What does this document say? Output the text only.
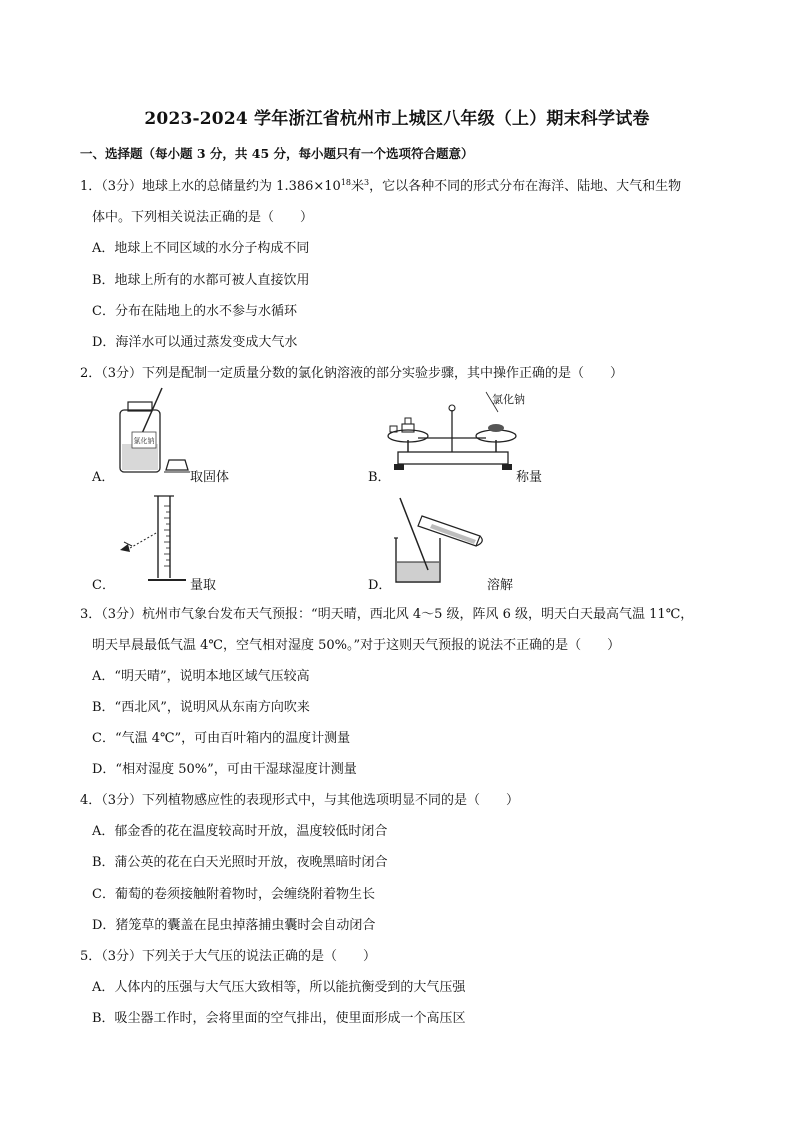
2023-2024 学年浙江省杭州市上城区八年级（上）期末科学试卷
一、选择题（每小题 3 分，共 45 分，每小题只有一个选项符合题意）
1．（3分）地球上水的总储量约为 $1.386\times 10^{18}$米$^3$，它以各种不同的形式分布在海洋、陆地、大气和生物
体中。下列相关说法正确的是（　　）
A．地球上不同区域的水分子构成不同
B．地球上所有的水都可被人直接饮用
C．分布在陆地上的水不参与水循环
D．海洋水可以通过蒸发变成大气水
2．（3分）下列是配制一定质量分数的氯化钠溶液的部分实验步骤，其中操作正确的是（　　）
A．
氯化钠
取固体	B．
氯化钠
称量
C．	量取	D．	溶解
3．（3分）杭州市气象台发布天气预报：“明天晴，西北风 4～5 级，阵风 6 级，明天白天最高气温 11℃，
明天早晨最低气温 4℃，空气相对湿度 50%。”对于这则天气预报的说法不正确的是（　　）
A．“明天晴”，说明本地区域气压较高
B．“西北风”，说明风从东南方向吹来
C．“气温 4℃”，可由百叶箱内的温度计测量
D．“相对湿度 50%”，可由干湿球湿度计测量
4．（3分）下列植物感应性的表现形式中，与其他选项明显不同的是（　　）
A．郁金香的花在温度较高时开放，温度较低时闭合
B．蒲公英的花在白天光照时开放，夜晚黑暗时闭合
C．葡萄的卷须接触附着物时，会缠绕附着物生长
D．猪笼草的囊盖在昆虫掉落捕虫囊时会自动闭合
5．（3分）下列关于大气压的说法正确的是（　　）
A．人体内的压强与大气压大致相等，所以能抗衡受到的大气压强
B．吸尘器工作时，会将里面的空气排出，使里面形成一个高压区
